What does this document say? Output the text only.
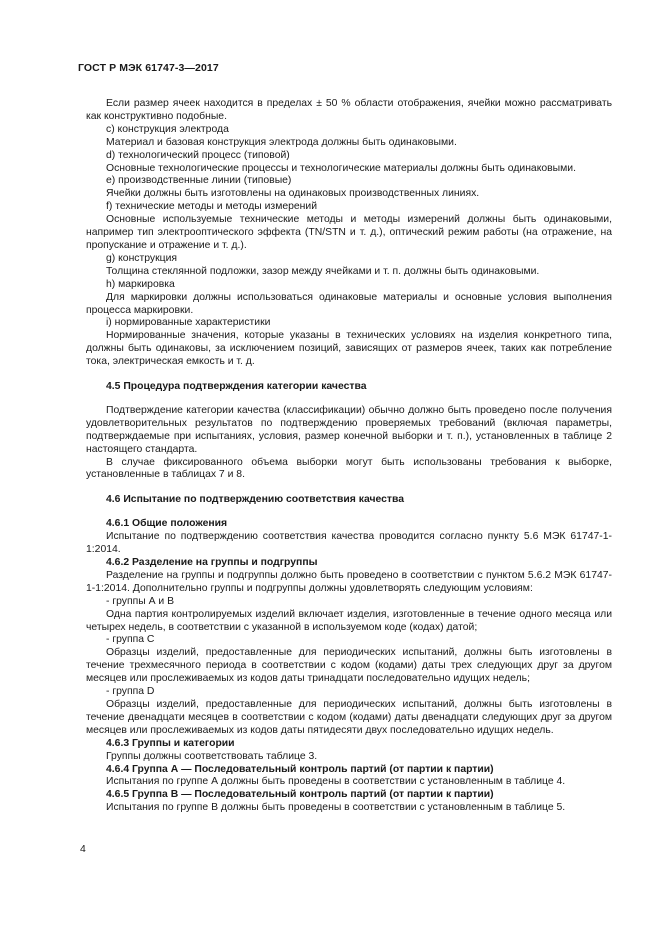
ГОСТ Р МЭК 61747-3—2017

Если размер ячеек находится в пределах ± 50 % области отображения, ячейки можно рассматривать как конструктивно подобные.

с) конструкция электрода

Материал и базовая конструкция электрода должны быть одинаковыми.

d) технологический процесс (типовой)

Основные технологические процессы и технологические материалы должны быть одинаковыми.

е) производственные линии (типовые)

Ячейки должны быть изготовлены на одинаковых производственных линиях.

f) технические методы и методы измерений

Основные используемые технические методы и методы измерений должны быть одинаковыми, например тип электрооптического эффекта (TN/STN и т. д.), оптический режим работы (на отражение, на пропускание и отражение и т. д.).

g) конструкция

Толщина стеклянной подложки, зазор между ячейками и т. п. должны быть одинаковыми.

h) маркировка

Для маркировки должны использоваться одинаковые материалы и основные условия выполнения процесса маркировки.

i) нормированные характеристики

Нормированные значения, которые указаны в технических условиях на изделия конкретного типа, должны быть одинаковы, за исключением позиций, зависящих от размеров ячеек, таких как потребление тока, электрическая емкость и т. д.

4.5 Процедура подтверждения категории качества

Подтверждение категории качества (классификации) обычно должно быть проведено после получения удовлетворительных результатов по подтверждению проверяемых требований (включая параметры, подтверждаемые при испытаниях, условия, размер конечной выборки и т. п.), установленных в таблице 2 настоящего стандарта.

В случае фиксированного объема выборки могут быть использованы требования к выборке, установленные в таблицах 7 и 8.

4.6 Испытание по подтверждению соответствия качества

4.6.1 Общие положения

Испытание по подтверждению соответствия качества проводится согласно пункту 5.6 МЭК 61747-1-1:2014.

4.6.2 Разделение на группы и подгруппы

Разделение на группы и подгруппы должно быть проведено в соответствии с пунктом 5.6.2 МЭК 61747-1-1:2014. Дополнительно группы и подгруппы должны удовлетворять следующим условиям:

- группы А и В

Одна партия контролируемых изделий включает изделия, изготовленные в течение одного месяца или четырех недель, в соответствии с указанной в используемом коде (кодах) датой;

- группа С

Образцы изделий, предоставленные для периодических испытаний, должны быть изготовлены в течение трехмесячного периода в соответствии с кодом (кодами) даты трех следующих друг за другом месяцев или прослеживаемых из кодов даты тринадцати последовательно идущих недель;

- группа D

Образцы изделий, предоставленные для периодических испытаний, должны быть изготовлены в течение двенадцати месяцев в соответствии с кодом (кодами) даты двенадцати следующих друг за другом месяцев или прослеживаемых из кодов даты пятидесяти двух последовательно идущих недель.

4.6.3 Группы и категории

Группы должны соответствовать таблице 3.

4.6.4 Группа А — Последовательный контроль партий (от партии к партии)

Испытания по группе А должны быть проведены в соответствии с установленным в таблице 4.

4.6.5 Группа В — Последовательный контроль партий (от партии к партии)

Испытания по группе В должны быть проведены в соответствии с установленным в таблице 5.

4
